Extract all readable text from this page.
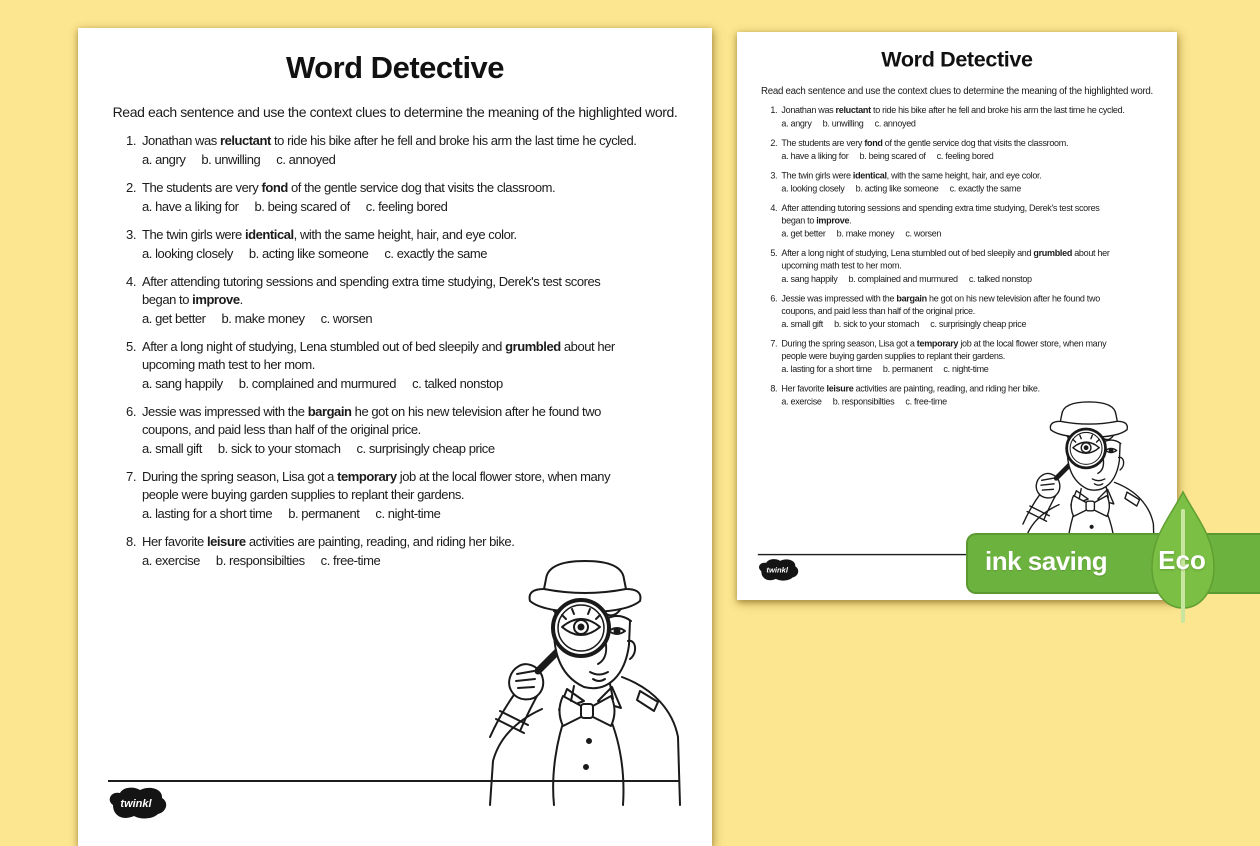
Word Detective
Read each sentence and use the context clues to determine the meaning of the highlighted word.
Jonathan was reluctant to ride his bike after he fell and broke his arm the last time he cycled.
a. angry b. unwilling c. annoyed
The students are very fond of the gentle service dog that visits the classroom.
a. have a liking for b. being scared of c. feeling bored
The twin girls were identical, with the same height, hair, and eye color.
a. looking closely b. acting like someone c. exactly the same
After attending tutoring sessions and spending extra time studying, Derek's test scores
began to improve.
a. get better b. make money c. worsen
After a long night of studying, Lena stumbled out of bed sleepily and grumbled about her
upcoming math test to her mom.
a. sang happily b. complained and murmured c. talked nonstop
Jessie was impressed with the bargain he got on his new television after he found two
coupons, and paid less than half of the original price.
a. small gift b. sick to your stomach c. surprisingly cheap price
During the spring season, Lisa got a temporary job at the local flower store, when many
people were buying garden supplies to replant their gardens.
a. lasting for a short time b. permanent c. night-time
Her favorite leisure activities are painting, reading, and riding her bike.
a. exercise b. responsibilties c. free-time
twinkl
Word Detective
Read each sentence and use the context clues to determine the meaning of the highlighted word.
Jonathan was reluctant to ride his bike after he fell and broke his arm the last time he cycled.
a. angry b. unwilling c. annoyed
The students are very fond of the gentle service dog that visits the classroom.
a. have a liking for b. being scared of c. feeling bored
The twin girls were identical, with the same height, hair, and eye color.
a. looking closely b. acting like someone c. exactly the same
After attending tutoring sessions and spending extra time studying, Derek's test scores
began to improve.
a. get better b. make money c. worsen
After a long night of studying, Lena stumbled out of bed sleepily and grumbled about her
upcoming math test to her mom.
a. sang happily b. complained and murmured c. talked nonstop
Jessie was impressed with the bargain he got on his new television after he found two
coupons, and paid less than half of the original price.
a. small gift b. sick to your stomach c. surprisingly cheap price
During the spring season, Lisa got a temporary job at the local flower store, when many
people were buying garden supplies to replant their gardens.
a. lasting for a short time b. permanent c. night-time
Her favorite leisure activities are painting, reading, and riding her bike.
a. exercise b. responsibilties c. free-time
twinkl	ink saving Eco
